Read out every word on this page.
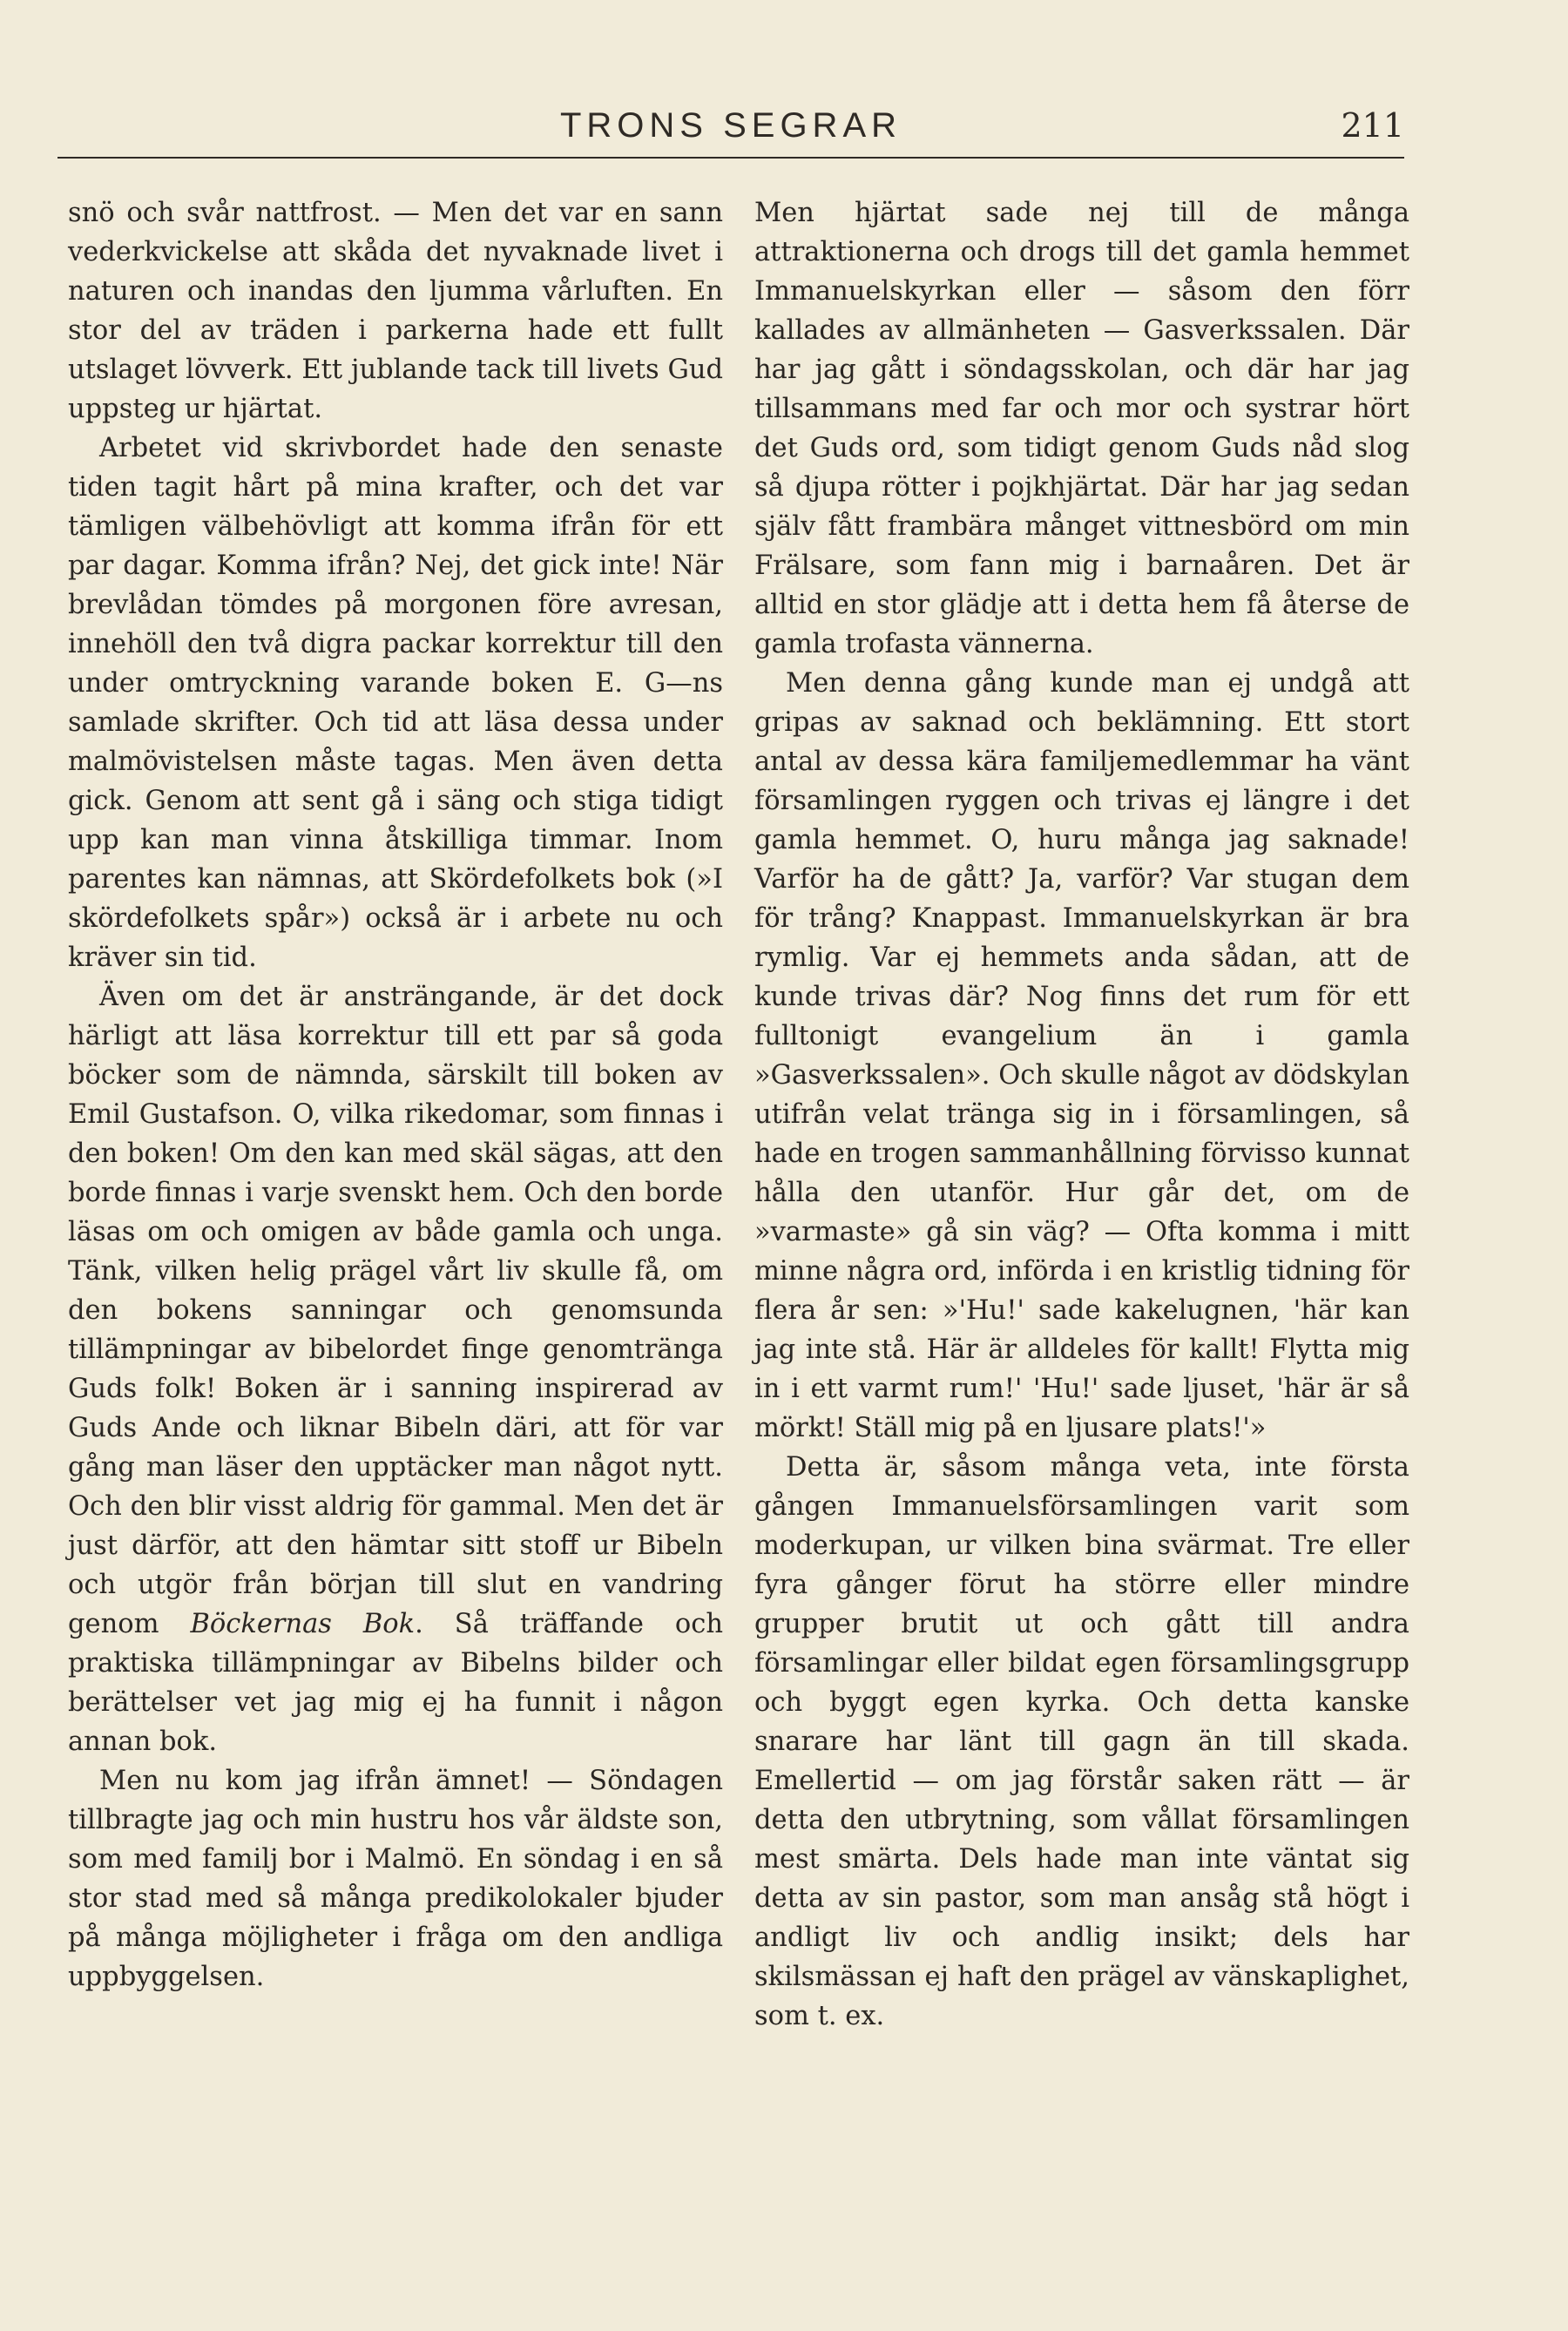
TRONS SEGRAR	211

snö och svår nattfrost. — Men det var en sann vederkvickelse att skåda det nyvaknade livet i naturen och inandas den ljumma vårluften. En stor del av träden i parkerna hade ett fullt utslaget lövverk. Ett jublande tack till livets Gud uppsteg ur hjärtat.

Arbetet vid skrivbordet hade den senaste tiden tagit hårt på mina krafter, och det var tämligen välbehövligt att komma ifrån för ett par dagar. Komma ifrån? Nej, det gick inte! När brevlådan tömdes på morgonen före avresan, innehöll den två digra packar korrektur till den under omtryckning varande boken E. G—ns samlade skrifter. Och tid att läsa dessa under malmövistelsen måste tagas. Men även detta gick. Genom att sent gå i säng och stiga tidigt upp kan man vinna åtskilliga timmar. Inom parentes kan nämnas, att Skördefolkets bok (»I skördefolkets spår») också är i arbete nu och kräver sin tid.

Även om det är ansträngande, är det dock härligt att läsa korrektur till ett par så goda böcker som de nämnda, särskilt till boken av Emil Gustafson. O, vilka rikedomar, som finnas i den boken! Om den kan med skäl sägas, att den borde finnas i varje svenskt hem. Och den borde läsas om och omigen av både gamla och unga. Tänk, vilken helig prägel vårt liv skulle få, om den bokens sanningar och genomsunda tillämpningar av bibelordet finge genomtränga Guds folk! Boken är i sanning inspirerad av Guds Ande och liknar Bibeln däri, att för var gång man läser den upptäcker man något nytt. Och den blir visst aldrig för gammal. Men det är just därför, att den hämtar sitt stoff ur Bibeln och utgör från början till slut en vandring genom Böckernas Bok. Så träffande och praktiska tillämpningar av Bibelns bilder och berättelser vet jag mig ej ha funnit i någon annan bok.

Men nu kom jag ifrån ämnet! — Söndagen tillbragte jag och min hustru hos vår äldste son, som med familj bor i Malmö. En söndag i en så stor stad med så många predikolokaler bjuder på många möjligheter i fråga om den andliga uppbyggelsen.

Men hjärtat sade nej till de många attraktionerna och drogs till det gamla hemmet Immanuelskyrkan eller — såsom den förr kallades av allmänheten — Gasverkssalen. Där har jag gått i söndagsskolan, och där har jag tillsammans med far och mor och systrar hört det Guds ord, som tidigt genom Guds nåd slog så djupa rötter i pojkhjärtat. Där har jag sedan själv fått frambära månget vittnesbörd om min Frälsare, som fann mig i barnaåren. Det är alltid en stor glädje att i detta hem få återse de gamla trofasta vännerna.

Men denna gång kunde man ej undgå att gripas av saknad och beklämning. Ett stort antal av dessa kära familjemedlemmar ha vänt församlingen ryggen och trivas ej längre i det gamla hemmet. O, huru många jag saknade! Varför ha de gått? Ja, varför? Var stugan dem för trång? Knappast. Immanuelskyrkan är bra rymlig. Var ej hemmets anda sådan, att de kunde trivas där? Nog finns det rum för ett fulltonigt evangelium än i gamla »Gasverkssalen». Och skulle något av dödskylan utifrån velat tränga sig in i församlingen, så hade en trogen sammanhållning förvisso kunnat hålla den utanför. Hur går det, om de »varmaste» gå sin väg? — Ofta komma i mitt minne några ord, införda i en kristlig tidning för flera år sen: »'Hu!' sade kakelugnen, 'här kan jag inte stå. Här är alldeles för kallt! Flytta mig in i ett varmt rum!' 'Hu!' sade ljuset, 'här är så mörkt! Ställ mig på en ljusare plats!'»

Detta är, såsom många veta, inte första gången Immanuelsförsamlingen varit som moderkupan, ur vilken bina svärmat. Tre eller fyra gånger förut ha större eller mindre grupper brutit ut och gått till andra församlingar eller bildat egen församlingsgrupp och byggt egen kyrka. Och detta kanske snarare har länt till gagn än till skada. Emellertid — om jag förstår saken rätt — är detta den utbrytning, som vållat församlingen mest smärta. Dels hade man inte väntat sig detta av sin pastor, som man ansåg stå högt i andligt liv och andlig insikt; dels har skilsmässan ej haft den prägel av vänskaplighet, som t. ex.
